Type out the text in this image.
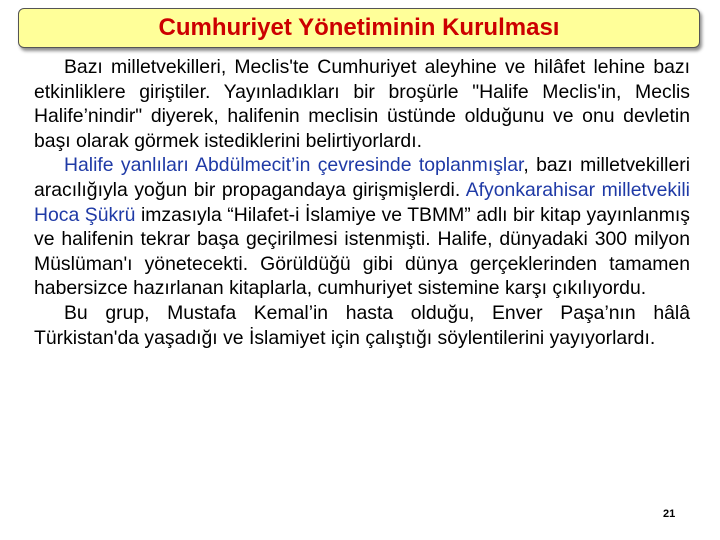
Cumhuriyet Yönetiminin Kurulması

Bazı milletvekilleri, Meclis'te Cumhuriyet aleyhine ve hilâfet lehine bazı etkinliklere giriştiler. Yayınladıkları bir broşürle "Halife Meclis'in, Meclis Halife’nindir" diyerek, halifenin meclisin üstünde olduğunu ve onu devletin başı olarak görmek istediklerini belirtiyorlardı.

Halife yanlıları Abdülmecit’in çevresinde toplanmışlar, bazı milletvekilleri aracılığıyla yoğun bir propagandaya girişmişlerdi. Afyonkarahisar milletvekili Hoca Şükrü imzasıyla “Hilafet-i İslamiye ve TBMM” adlı bir kitap yayınlanmış ve halifenin tekrar başa geçirilmesi istenmişti. Halife, dünyadaki 300 milyon Müslüman'ı yönetecekti. Görüldüğü gibi dünya gerçeklerinden tamamen habersizce hazırlanan kitaplarla, cumhuriyet sistemine karşı çıkılıyordu.

Bu grup, Mustafa Kemal’in hasta olduğu, Enver Paşa’nın hâlâ Türkistan'da yaşadığı ve İslamiyet için çalıştığı söylentilerini yayıyorlardı.

21
